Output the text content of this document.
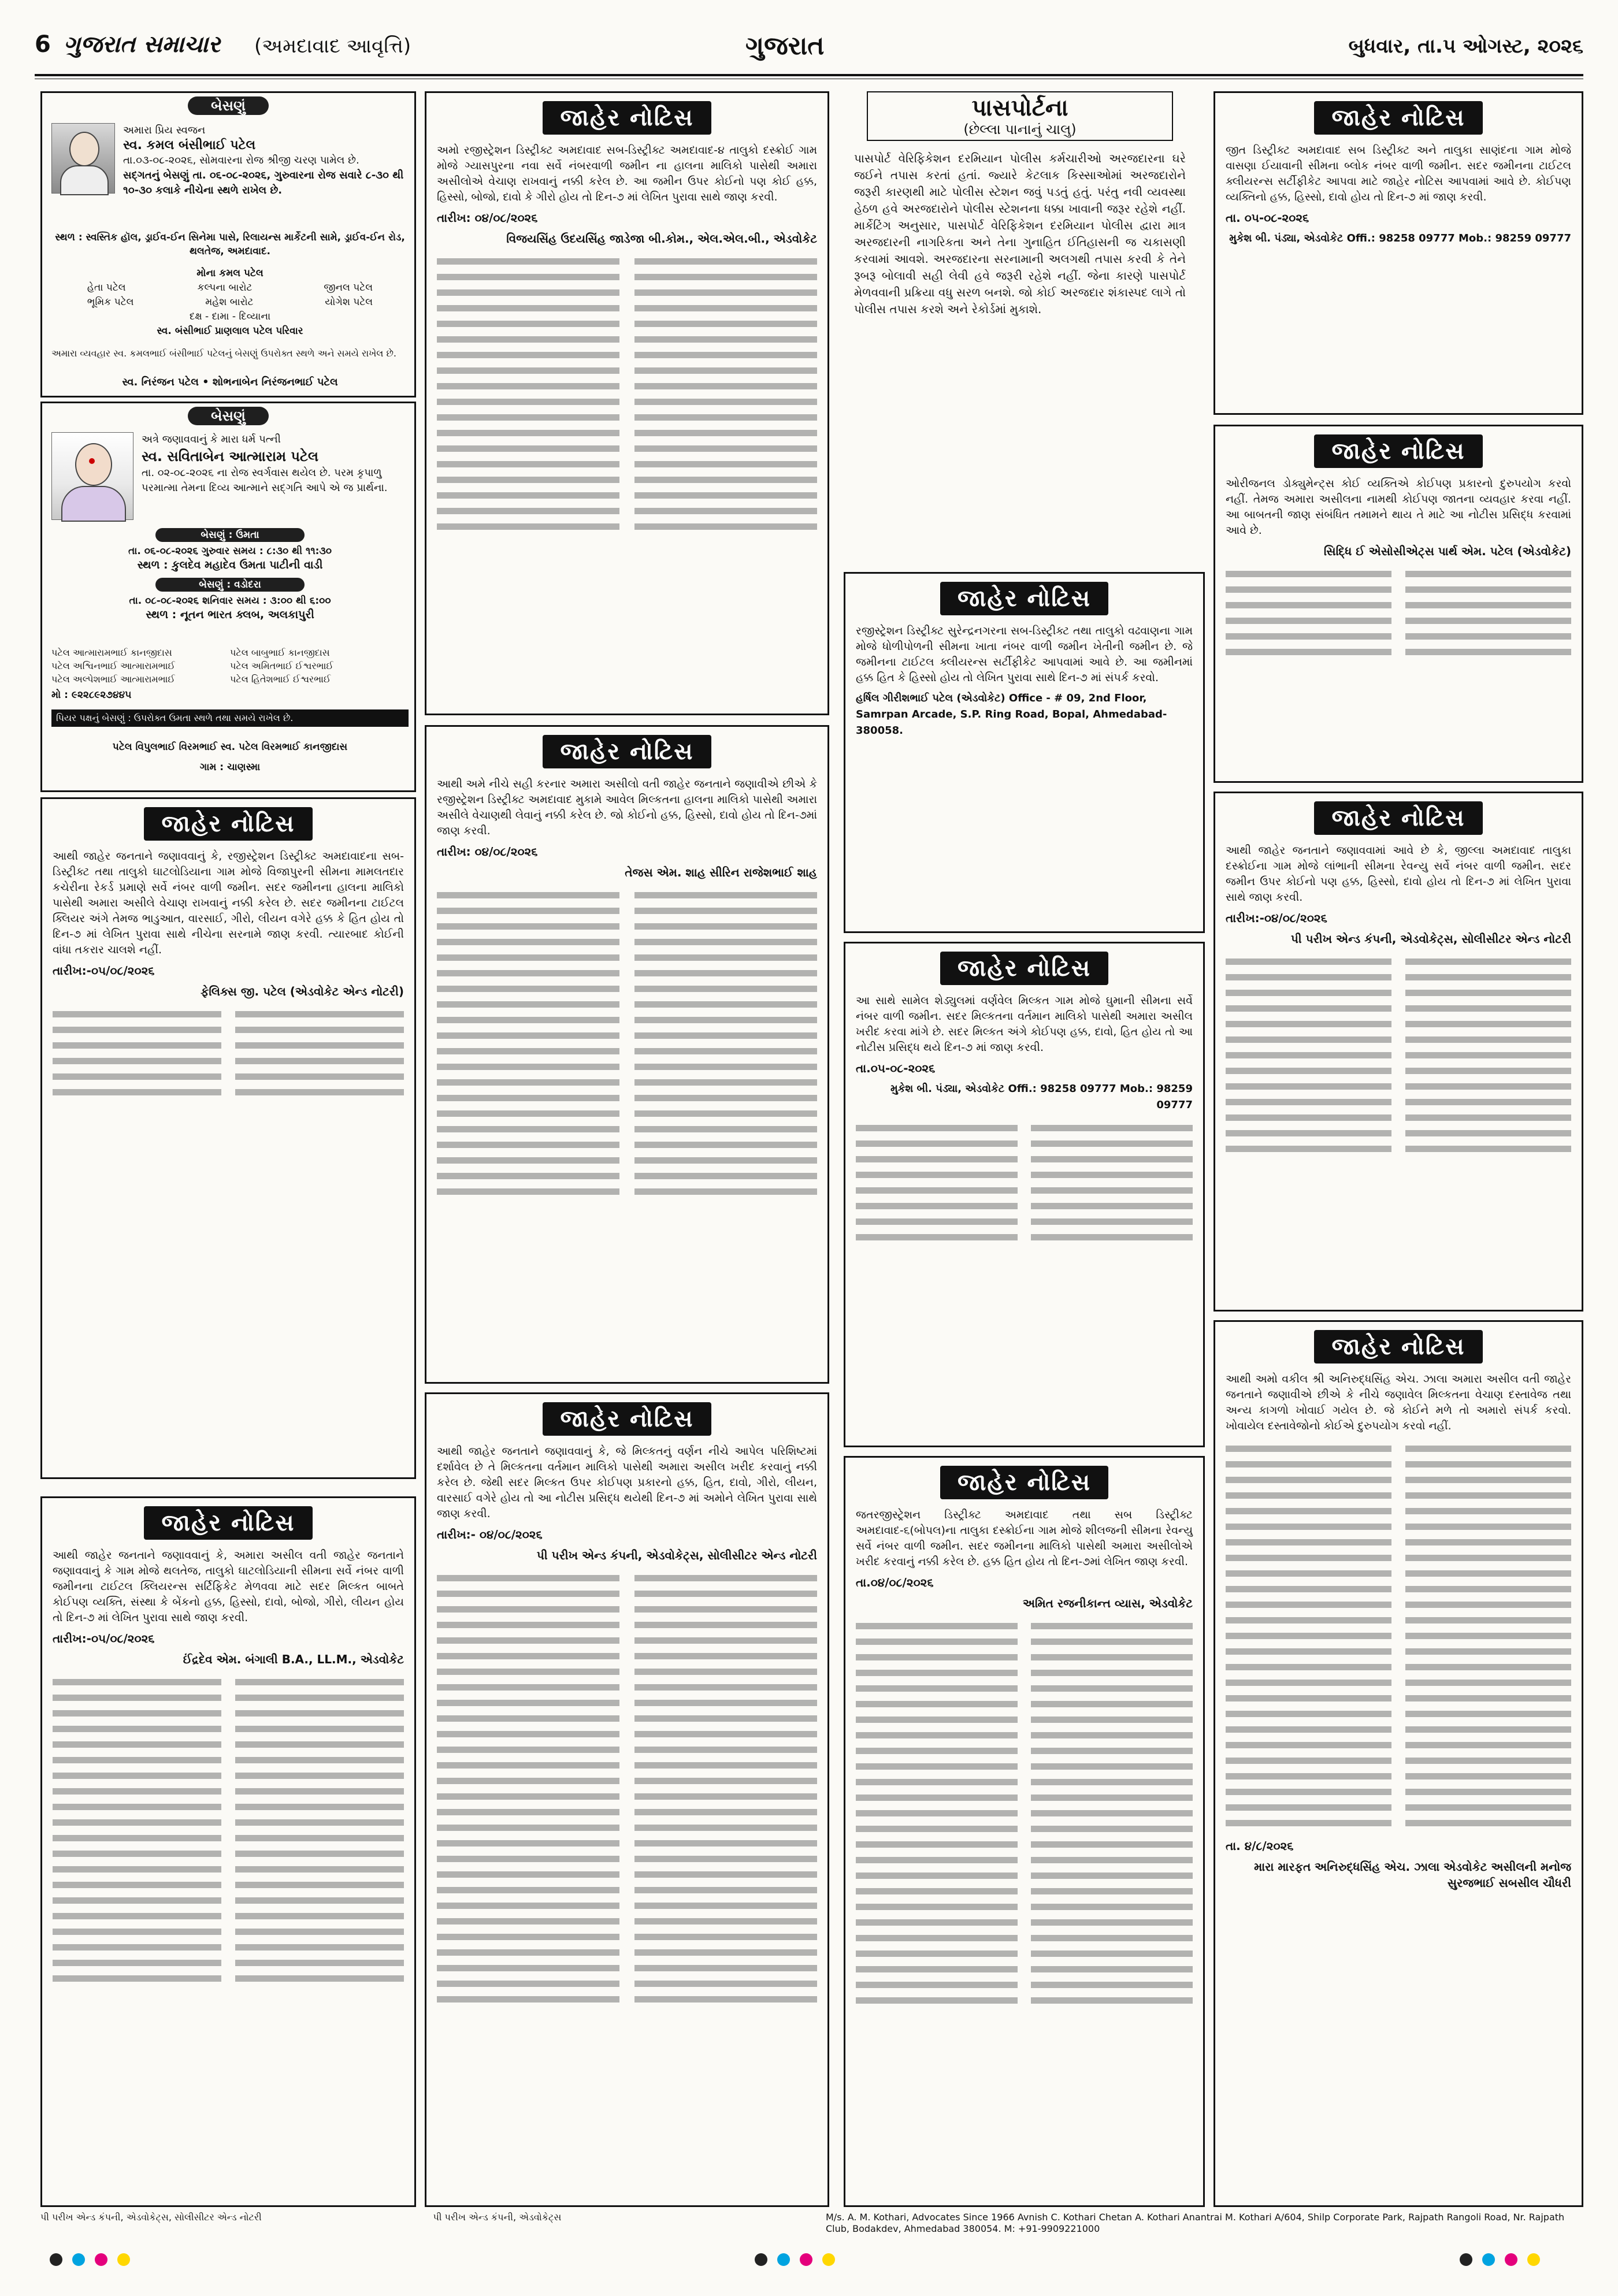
6 ગુજરાત સમાચાર (અમદાવાદ આવૃત્તિ)	ગુજરાત	બુધવાર, તા.૫ ઓગસ્ટ, ૨૦૨૬
બેસણું
અમારા પ્રિય સ્વજન
સ્વ. કમલ બંસીભાઈ પટેલ
તા.૦૩-૦૮-૨૦૨૬, સોમવારના રોજ શ્રીજી ચરણ પામેલ છે.
સદ્ગતનું બેસણું તા. ૦૬-૦૮-૨૦૨૬, ગુરુવારના રોજ સવારે ૮-૩૦ થી ૧૦-૩૦ કલાકે નીચેના સ્થળે રાખેલ છે.
સ્થળ : સ્વસ્તિક હૉલ, ડ્રાઈવ-ઈન સિનેમા પાસે, રિલાયન્સ માર્કેટની સામે, ડ્રાઈવ-ઈન રોડ, થલતેજ, અમદાવાદ.
મોના કમલ પટેલ
હેતા પટેલ	કલ્પના બારોટ	જીનલ પટેલ
ભૂમિક પટેલ	મહેશ બારોટ	યોગેશ પટેલ
દક્ષ - દામા - દિવ્યાના
સ્વ. બંસીભાઈ પ્રાણલાલ પટેલ પરિવાર
અમારા વ્યવહાર સ્વ. કમલભાઈ બંસીભાઈ પટેલનું બેસણું ઉપરોક્ત સ્થળે અને સમયે રાખેલ છે.
સ્વ. નિરંજન પટેલ • શોભનાબેન નિરંજનભાઈ પટેલ
બેસણું
અત્રે જણાવવાનું કે મારા ધર્મ પત્ની
સ્વ. સવિતાબેન આત્મારામ પટેલ
તા. ૦૨-૦૮-૨૦૨૬ ના રોજ સ્વર્ગવાસ થયેલ છે. પરમ કૃપાળુ પરમાત્મા તેમના દિવ્ય આત્માને સદ્ગતિ આપે એ જ પ્રાર્થના.
બેસણું : ઉમતા
તા. ૦૬-૦૮-૨૦૨૬ ગુરુવાર સમય : ૮:૩૦ થી ૧૧:૩૦
સ્થળ : કુલદેવ મહાદેવ ઉમતા પાટીની વાડી
બેસણું : વડોદરા
તા. ૦૮-૦૮-૨૦૨૬ શનિવાર સમય : ૩:૦૦ થી ૬:૦૦
સ્થળ : નૂતન ભારત ક્લબ, અલકાપુરી
પટેલ આત્મારામભાઈ કાનજીદાસ	પટેલ બાબુભાઈ કાનજીદાસ
પટેલ અશ્વિનભાઈ આત્મારામભાઈ	પટેલ અમિતભાઈ ઈશ્વરભાઈ
પટેલ અલ્પેશભાઈ આત્મારામભાઈ	પટેલ હિતેશભાઈ ઈશ્વરભાઈ
મો : ૯૨૨૮૯૨૭૪૪૫
પિયર પક્ષનું બેસણું : ઉપરોક્ત ઉમતા સ્થળે તથા સમયે રાખેલ છે.
પટેલ વિપુલભાઈ વિરમભાઈ સ્વ. પટેલ વિરમભાઈ કાનજીદાસ
ગામ : ચાણસ્મા
પાસપોર્ટના
(છેલ્લા પાનાનું ચાલુ)
પાસપોર્ટ વેરિફિકેશન દરમિયાન પોલીસ કર્મચારીઓ અરજદારના ઘરે જઈને તપાસ કરતાં હતાં. જ્યારે કેટલાક કિસ્સાઓમાં અરજદારોને જરૂરી કારણથી માટે પોલીસ સ્ટેશન જવું પડતું હતું. પરંતુ નવી વ્યવસ્થા હેઠળ હવે અરજદારોને પોલીસ સ્ટેશનના ધક્કા ખાવાની જરૂર રહેશે નહીં. માર્કેટિંગ અનુસાર, પાસપોર્ટ વેરિફિકેશન દરમિયાન પોલીસ દ્વારા માત્ર અરજદારની નાગરિકતા અને તેના ગુનાહિત ઈતિહાસની જ ચકાસણી કરવામાં આવશે. અરજદારના સરનામાની અલગથી તપાસ કરવી કે તેને રૂબરૂ બોલાવી સહી લેવી હવે જરૂરી રહેશે નહીં. જેના કારણે પાસપોર્ટ મેળવવાની પ્રક્રિયા વધુ સરળ બનશે. જો કોઈ અરજદાર શંકાસ્પદ લાગે તો પોલીસ તપાસ કરશે અને રેકોર્ડમાં મુકાશે.
જાહેર નોટિસ
આથી જાહેર જનતાને જણાવવાનું કે, રજીસ્ટ્રેશન ડિસ્ટ્રીક્ટ અમદાવાદના સબ-ડિસ્ટ્રીક્ટ તથા તાલુકો ઘાટલોડિયાના ગામ મોજે વિજાપુરની સીમના મામલતદાર કચેરીના રેકર્ડ પ્રમાણે સર્વે નંબર વાળી જમીન. સદર જમીનના હાલના માલિકો પાસેથી અમારા અસીલે વેચાણ રાખવાનું નક્કી કરેલ છે. સદર જમીનના ટાઈટલ ક્લિયર અંગે તેમજ ભાડુઆત, વારસાઈ, ગીરો, લીયન વગેરે હક્ક કે હિત હોય તો દિન-૭ માં લેખિત પુરાવા સાથે નીચેના સરનામે જાણ કરવી. ત્યારબાદ કોઈની વાંધા તકરાર ચાલશે નહીં.
તારીખ:-૦૫/૦૮/૨૦૨૬
ફેલિક્સ જી. પટેલ (એડવોકેટ એન્ડ નોટરી)
જાહેર નોટિસ
આથી જાહેર જનતાને જણાવવાનું કે, અમારા અસીલ વતી જાહેર જનતાને જણાવવાનું કે ગામ મોજે થલતેજ, તાલુકો ઘાટલોડિયાની સીમના સર્વે નંબર વાળી જમીનના ટાઈટલ ક્લિયરન્સ સર્ટિફિકેટ મેળવવા માટે સદર મિલ્કત બાબતે કોઈપણ વ્યક્તિ, સંસ્થા કે બેંકનો હક્ક, હિસ્સો, દાવો, બોજો, ગીરો, લીયન હોય તો દિન-૭ માં લેખિત પુરાવા સાથે જાણ કરવી.
તારીખ:-૦૫/૦૮/૨૦૨૬
ઈંદ્રદેવ એમ. બંગાલી B.A., LL.M., એડવોકેટ
જાહેર નોટિસ
અમો રજીસ્ટ્રેશન ડિસ્ટ્રીક્ટ અમદાવાદ સબ-ડિસ્ટ્રીક્ટ અમદાવાદ-૪ તાલુકો દસ્ક્રોઈ ગામ મોજે ગ્યાસપુરના નવા સર્વે નંબરવાળી જમીન ના હાલના માલિકો પાસેથી અમારા અસીલોએ વેચાણ રાખવાનું નક્કી કરેલ છે. આ જમીન ઉપર કોઈનો પણ કોઈ હક્ક, હિસ્સો, બોજો, દાવો કે ગીરો હોય તો દિન-૭ માં લેખિત પુરાવા સાથે જાણ કરવી.
તારીખ: ૦૪/૦૮/૨૦૨૬
વિજયસિંહ ઉદયસિંહ જાડેજા બી.કોમ., એલ.એલ.બી., એડવોકેટ
જાહેર નોટિસ
આથી અમે નીચે સહી કરનાર અમારા અસીલો વતી જાહેર જનતાને જણાવીએ છીએ કે રજીસ્ટ્રેશન ડિસ્ટ્રીક્ટ અમદાવાદ મુકામે આવેલ મિલ્કતના હાલના માલિકો પાસેથી અમારા અસીલે વેચાણથી લેવાનું નક્કી કરેલ છે. જો કોઈનો હક્ક, હિસ્સો, દાવો હોય તો દિન-૭માં જાણ કરવી.
તારીખ: ૦૪/૦૮/૨૦૨૬
તેજસ એમ. શાહ સીરિન રાજેશભાઈ શાહ
જાહેર નોટિસ
આથી જાહેર જનતાને જણાવવાનું કે, જે મિલ્કતનું વર્ણન નીચે આપેલ પરિશિષ્ટમાં દર્શાવેલ છે તે મિલ્કતના વર્તમાન માલિકો પાસેથી અમારા અસીલ ખરીદ કરવાનું નક્કી કરેલ છે. જેથી સદર મિલ્કત ઉપર કોઈપણ પ્રકારનો હક્ક, હિત, દાવો, ગીરો, લીયન, વારસાઈ વગેરે હોય તો આ નોટીસ પ્રસિદ્ધ થયેથી દિન-૭ માં અમોને લેખિત પુરાવા સાથે જાણ કરવી.
તારીખ:- ૦૪/૦૮/૨૦૨૬
પી પરીખ એન્ડ કંપની, એડવોકેટ્સ, સોલીસીટર એન્ડ નોટરી
જાહેર નોટિસ
રજીસ્ટ્રેશન ડિસ્ટ્રીક્ટ સુરેન્દ્રનગરના સબ-ડિસ્ટ્રીક્ટ તથા તાલુકો વઢવાણના ગામ મોજે ધોળીપોળની સીમના ખાતા નંબર વાળી જમીન ખેતીની જમીન છે. જે જમીનના ટાઈટલ ક્લીયરન્સ સર્ટીફીકેટ આપવામાં આવે છે. આ જમીનમાં હક્ક હિત કે હિસ્સો હોય તો લેખિત પુરાવા સાથે દિન-૭ માં સંપર્ક કરવો.
હર્ષિલ ગીરીશભાઈ પટેલ (એડવોકેટ) Office - # 09, 2nd Floor, Samrpan Arcade, S.P. Ring Road, Bopal, Ahmedabad- 380058.
જાહેર નોટિસ
આ સાથે સામેલ શેડ્યુલમાં વર્ણવેલ મિલ્કત ગામ મોજે ઘુમાની સીમના સર્વે નંબર વાળી જમીન. સદર મિલ્કતના વર્તમાન માલિકો પાસેથી અમારા અસીલ ખરીદ કરવા માંગે છે. સદર મિલ્કત અંગે કોઈપણ હક્ક, દાવો, હિત હોય તો આ નોટીસ પ્રસિદ્ધ થયે દિન-૭ માં જાણ કરવી.
તા.૦૫-૦૮-૨૦૨૬
મુકેશ બી. પંડ્યા, એડવોકેટ Offi.: 98258 09777 Mob.: 98259 09777
જાહેર નોટિસ
જતરજીસ્ટ્રેશન ડિસ્ટ્રીક્ટ અમદાવાદ તથા સબ ડિસ્ટ્રીક્ટ અમદાવાદ-૬(બોપલ)ના તાલુકા દસ્ક્રોઈના ગામ મોજે શીલજની સીમના રેવન્યુ સર્વે નંબર વાળી જમીન. સદર જમીનના માલિકો પાસેથી અમારા અસીલોએ ખરીદ કરવાનું નક્કી કરેલ છે. હક્ક હિત હોય તો દિન-૭માં લેખિત જાણ કરવી.
તા.૦૪/૦૮/૨૦૨૬
અમિત રજનીકાન્ત વ્યાસ, એડવોકેટ
જાહેર નોટિસ
જીત ડિસ્ટ્રીક્ટ અમદાવાદ સબ ડિસ્ટ્રીક્ટ અને તાલુકા સાણંદના ગામ મોજે વાસણા ઈયાવાની સીમના બ્લોક નંબર વાળી જમીન. સદર જમીનના ટાઈટલ ક્લીયરન્સ સર્ટીફીકેટ આપવા માટે જાહેર નોટિસ આપવામાં આવે છે. કોઈપણ વ્યક્તિનો હક્ક, હિસ્સો, દાવો હોય તો દિન-૭ માં જાણ કરવી.
તા. ૦૫-૦૮-૨૦૨૬
મુકેશ બી. પંડ્યા, એડવોકેટ Offi.: 98258 09777 Mob.: 98259 09777
જાહેર નોટિસ
ઓરીજનલ ડોક્યુમેન્ટ્સ કોઈ વ્યક્તિએ કોઈપણ પ્રકારનો દુરુપયોગ કરવો નહીં. તેમજ અમારા અસીલના નામથી કોઈપણ જાતના વ્યવહાર કરવા નહીં. આ બાબતની જાણ સંબંધિત તમામને થાય તે માટે આ નોટીસ પ્રસિદ્ધ કરવામાં આવે છે.
સિદ્ધિ ઈ એસોસીએટ્સ પાર્થ એમ. પટેલ (એડવોકેટ)
જાહેર નોટિસ
આથી જાહેર જનતાને જણાવવામાં આવે છે કે, જીલ્લા અમદાવાદ તાલુકા દસ્ક્રોઈના ગામ મોજે લાંભાની સીમના રેવન્યુ સર્વે નંબર વાળી જમીન. સદર જમીન ઉપર કોઈનો પણ હક્ક, હિસ્સો, દાવો હોય તો દિન-૭ માં લેખિત પુરાવા સાથે જાણ કરવી.
તારીખ:-૦૪/૦૮/૨૦૨૬
પી પરીખ એન્ડ કંપની, એડવોકેટ્સ, સોલીસીટર એન્ડ નોટરી
જાહેર નોટિસ
આથી અમો વકીલ શ્રી અનિરુદ્ધસિંહ એચ. ઝાલા અમારા અસીલ વતી જાહેર જનતાને જણાવીએ છીએ કે નીચે જણાવેલ મિલ્કતના વેચાણ દસ્તાવેજ તથા અન્ય કાગળો ખોવાઈ ગયેલ છે. જે કોઈને મળે તો અમારો સંપર્ક કરવો. ખોવાયેલ દસ્તાવેજોનો કોઈએ દુરુપયોગ કરવો નહીં.
તા. ૪/૮/૨૦૨૬
મારા મારફત અનિરુદ્ધસિંહ એચ. ઝાલા એડવોકેટ અસીલની મનોજ સુરજભાઈ સબસીલ ચૌધરી
પી પરીખ એન્ડ કંપની, એડવોકેટ્સ, સોલીસીટર એન્ડ નોટરી	પી પરીખ એન્ડ કંપની, એડવોકેટ્સ	M/s. A. M. Kothari, Advocates Since 1966 Avnish C. Kothari Chetan A. Kothari Anantrai M. Kothari A/604, Shilp Corporate Park, Rajpath Rangoli Road, Nr. Rajpath Club, Bodakdev, Ahmedabad 380054. M: +91-9909221000
